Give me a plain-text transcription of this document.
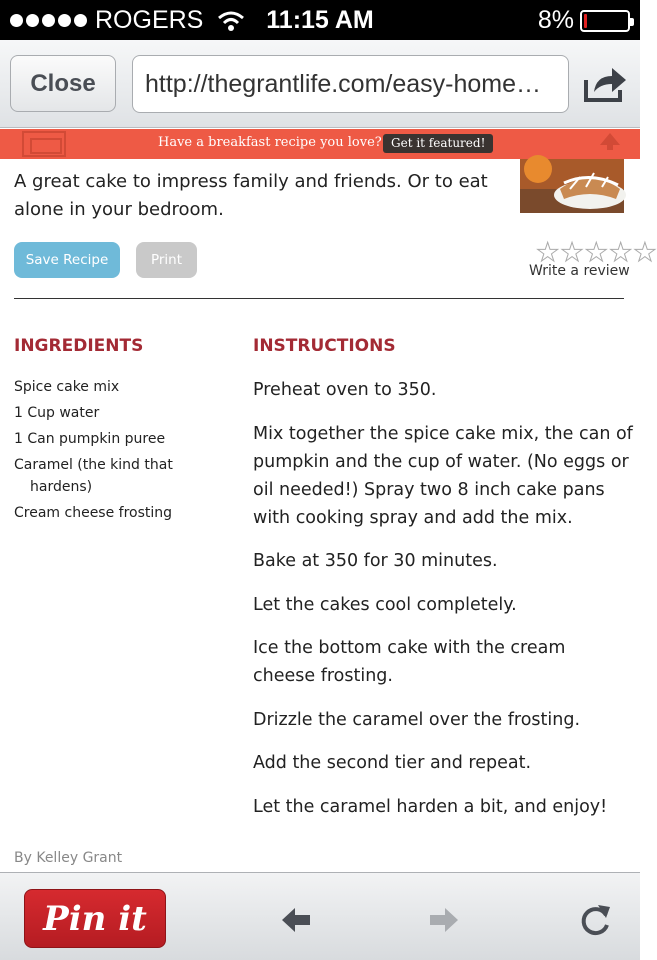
ROGERS	11:15 AM	8%
Close	http://thegrantlife.com/easy-home…
Have a breakfast recipe you love? Get it featured!

A great cake to impress family and friends. Or to eat alone in your bedroom.

Save Recipe	Print	★ ★ ★ ★ ★
Write a review
INGREDIENTS	INSTRUCTIONS
Spice cake mix
1 Cup water
1 Can pumpkin puree
Caramel (the kind that hardens)
Cream cheese frosting

Preheat oven to 350.

Mix together the spice cake mix, the can of pumpkin and the cup of water. (No eggs or oil needed!) Spray two 8 inch cake pans with cooking spray and add the mix.

Bake at 350 for 30 minutes.

Let the cakes cool completely.

Ice the bottom cake with the cream cheese frosting.

Drizzle the caramel over the frosting.

Add the second tier and repeat.

Let the caramel harden a bit, and enjoy!

By Kelley Grant
Pin it
